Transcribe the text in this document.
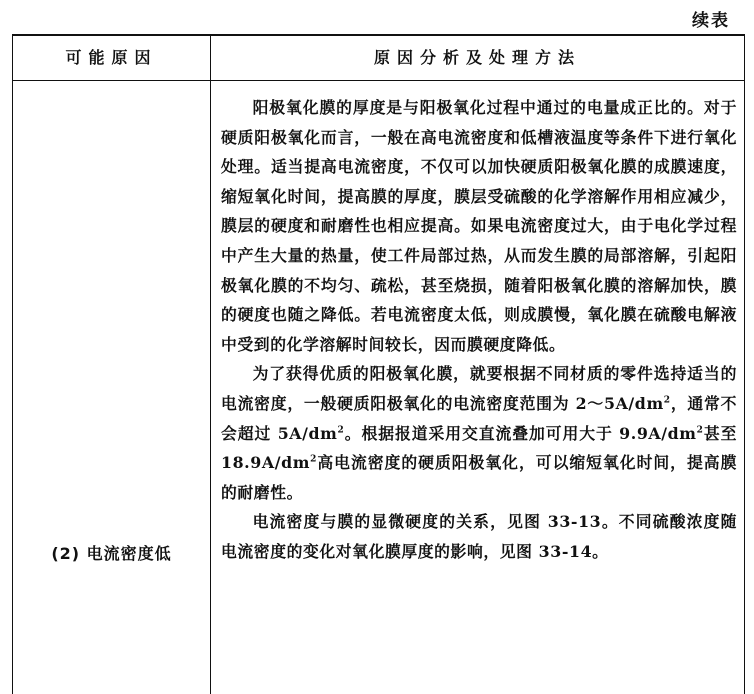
续表
可能原因	原因分析及处理方法
(2) 电流密度低

阳极氧化膜的厚度是与阳极氧化过程中通过的电量成正比的。对于硬质阳极氧化而言，一般在高电流密度和低槽液温度等条件下进行氧化处理。适当提高电流密度，不仅可以加快硬质阳极氧化膜的成膜速度，缩短氧化时间，提高膜的厚度，膜层受硫酸的化学溶解作用相应减少，膜层的硬度和耐磨性也相应提高。如果电流密度过大，由于电化学过程中产生大量的热量，使工件局部过热，从而发生膜的局部溶解，引起阳极氧化膜的不均匀、疏松，甚至烧损，随着阳极氧化膜的溶解加快，膜的硬度也随之降低。若电流密度太低，则成膜慢，氧化膜在硫酸电解液中受到的化学溶解时间较长，因而膜硬度降低。

为了获得优质的阳极氧化膜，就要根据不同材质的零件选持适当的电流密度，一般硬质阳极氧化的电流密度范围为 $2\sim 5A/dm^2$，通常不会超过 $5A/dm^2$。根据报道采用交直流叠加可用大于 $9.9A/dm^2$甚至 $18.9A/dm^2$高电流密度的硬质阳极氧化，可以缩短氧化时间，提高膜的耐磨性。

电流密度与膜的显微硬度的关系，见图 33-13。不同硫酸浓度随电流密度的变化对氧化膜厚度的影响，见图 33-14。
